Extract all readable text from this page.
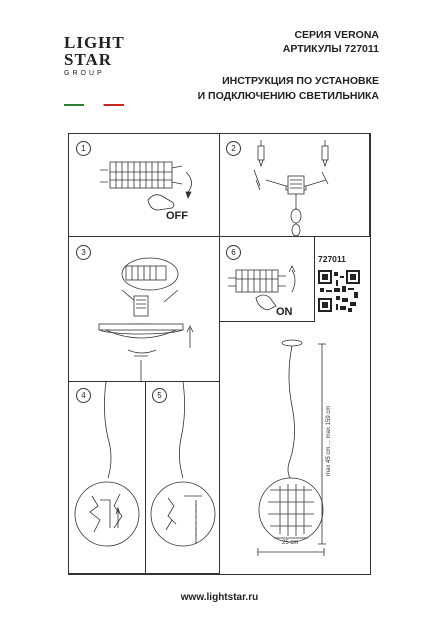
LIGHT
STAR
GROUP
СЕРИЯ VERONA
АРТИКУЛЫ 727011
ИНСТРУКЦИЯ ПО УСТАНОВКЕ
И ПОДКЛЮЧЕНИЮ СВЕТИЛЬНИКА
1	2
3	6
4	5
OFF
ON
727011
max 45 cm ... max 159 cm
25 cm
www.lightstar.ru
